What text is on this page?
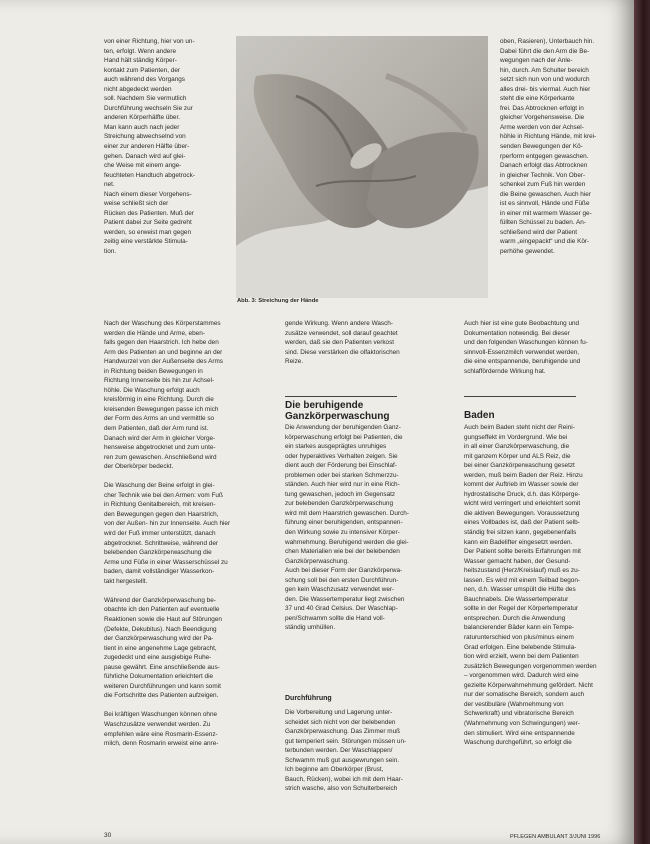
von einer Richtung, hier von un-
ten, erfolgt. Wenn andere
Hand hält ständig Körper-
kontakt zum Patienten, der
auch während des Vorgangs
nicht abgedeckt werden
soll. Nachdem Sie vermutlich
Durchführung wechseln Sie zur
anderen Körperhälfte über.
Man kann auch nach jeder
Streichung abwechselnd von
einer zur anderen Hälfte über-
gehen. Danach wird auf glei-
che Weise mit einem ange-
feuchteten Handtuch abgetrock-
net.
Nach einem dieser Vorgehens-
weise schließt sich der
Rücken des Patienten. Muß der
Patient dabei zur Seite gedreht
werden, so erweist man gegen
zeitig eine verstärkte Stimula-
tion.
Abb. 3: Streichung der Hände
oben, Rasieren), Unterbauch hin.
Dabei führt die den Arm die Be-
wegungen nach der Anle-
hin, durch. Am Schulter bereich
setzt sich nun von und wodurch
alles drei- bis viermal. Auch hier
steht die eine Körperkante
frei. Das Abtrocknen erfolgt in
gleicher Vorgehensweise. Die
Arme werden von der Achsel-
höhle in Richtung Hände, mit krei-
senden Bewegungen der Kö-
rperform entgegen gewaschen.
Danach erfolgt das Abtrocknen
in gleicher Technik. Von Ober-
schenkel zum Fuß hin werden
die Beine gewaschen. Auch hier
ist es sinnvoll, Hände und Füße
in einer mit warmem Wasser ge-
füllten Schüssel zu baden. An-
schließend wird der Patient
warm „eingepackt“ und die Kör-
perhöhe gewendet.
Nach der Waschung des Körperstammes
werden die Hände und Arme, eben-
falls gegen den Haarstrich. Ich hebe den
Arm des Patienten an und beginne an der
Handwurzel von der Außenseite des Arms
in Richtung beiden Bewegungen in
Richtung Innenseite bis hin zur Achsel-
höhle. Die Waschung erfolgt auch
kreisförmig in eine Richtung. Durch die
kreisenden Bewegungen passe ich mich
der Form des Arms an und vermittle so
dem Patienten, daß der Arm rund ist.
Danach wird der Arm in gleicher Vorge-
hensweise abgetrocknet und zum unte-
ren zum gewaschen. Anschließend wird
der Oberkörper bedeckt.

Die Waschung der Beine erfolgt in glei-
cher Technik wie bei den Armen: vom Fuß
in Richtung Genitalbereich, mit kreisen-
den Bewegungen gegen den Haarstrich,
von der Außen- hin zur Innenseite. Auch hier
wird der Fuß immer unterstützt, danach
abgetrocknet. Schrittweise, während der
belebenden Ganzkörperwaschung die
Arme und Füße in einer Wasserschüssel zu
baden, damit vollständiger Wasserkon-
takt hergestellt.

Während der Ganzkörperwaschung be-
obachte ich den Patienten auf eventuelle
Reaktionen sowie die Haut auf Störungen
(Defekte, Dekubitus). Nach Beendigung
der Ganzkörperwaschung wird der Pa-
tient in eine angenehme Lage gebracht,
zugedeckt und eine ausgiebige Ruhe-
pause gewährt. Eine anschließende aus-
führliche Dokumentation erleichtert die
weiteren Durchführungen und kann somit
die Fortschritte des Patienten aufzeigen.

Bei kräftigen Waschungen können ohne
Waschzusätze verwendet werden. Zu
empfehlen wäre eine Rosmarin-Essenz-
milch, denn Rosmarin erweist eine anre-
gende Wirkung. Wenn andere Wasch-
zusätze verwendet, soll darauf geachtet
werden, daß sie den Patienten verkost
sind. Diese verstärken die olfaktorischen
Reize.
Die beruhigende Ganzkörperwaschung
Die Anwendung der beruhigenden Ganz-
körperwaschung erfolgt bei Patienten, die
ein starkes ausgeprägtes unruhiges
oder hyperaktives Verhalten zeigen. Sie
dient auch der Förderung bei Einschlaf-
problemen oder bei starken Schmerzzu-
ständen. Auch hier wird nur in eine Rich-
tung gewaschen, jedoch im Gegensatz
zur belebenden Ganzkörperwaschung
wird mit dem Haarstrich gewaschen. Durch-
führung einer beruhigenden, entspannen-
den Wirkung sowie zu intensiver Körper-
wahrnehmung. Beruhigend werden die glei-
chen Materialien wie bei der belebenden
Ganzkörperwaschung.
Auch bei dieser Form der Ganzkörperwa-
schung soll bei den ersten Durchführun-
gen kein Waschzusatz verwendet wer-
den. Die Wassertemperatur liegt zwischen
37 und 40 Grad Celsius. Der Waschlap-
pen/Schwamm sollte die Hand voll-
ständig umhüllen.
Durchführung
Die Vorbereitung und Lagerung unter-
scheidet sich nicht von der belebenden
Ganzkörperwaschung. Das Zimmer muß
gut temperiert sein. Störungen müssen un-
terbunden werden. Der Waschlappen/
Schwamm muß gut ausgewrungen sein.
Ich beginne am Oberkörper (Brust,
Bauch, Rücken), wobei ich mit dem Haar-
strich wasche, also von Schulterbereich
Auch hier ist eine gute Beobachtung und
Dokumentation notwendig. Bei dieser
und den folgenden Waschungen können fu-
sinnvoll-Essenzmilch verwendet werden,
die eine entspannende, beruhigende und
schlaffördernde Wirkung hat.
Baden
Auch beim Baden steht nicht der Reini-
gungseffekt im Vordergrund. Wie bei
in all einer Ganzkörperwaschung, die
mit ganzem Körper und ALS Reiz, die
bei einer Ganzkörperwaschung gesetzt
werden, muß beim Baden der Reiz. Hinzu
kommt der Auftrieb im Wasser sowie der
hydrostatische Druck, d.h. das Körperge-
wicht wird verringert und erleichtert somit
die aktiven Bewegungen. Voraussetzung
eines Vollbades ist, daß der Patient selb-
ständig frei sitzen kann, gegebenenfalls
kann ein Badelifter eingesetzt werden.
Der Patient sollte bereits Erfahrungen mit
Wasser gemacht haben, der Gesund-
heitszustand (Herz/Kreislauf) muß es zu-
lassen. Es wird mit einem Teilbad begon-
nen, d.h. Wasser umspült die Hüfte des
Bauchnabels. Die Wassertemperatur
sollte in der Regel der Körpertemperatur
entsprechen. Durch die Anwendung
balancierender Bäder kann ein Tempe-
raturunterschied von plus/minus einem
Grad erfolgen. Eine belebende Stimula-
tion wird erzielt, wenn bei dem Patienten
zusätzlich Bewegungen vorgenommen werden
– vorgenommen wird. Dadurch wird eine
gezielte Körperwahrnehmung gefördert. Nicht
nur der somatische Bereich, sondern auch
der vestibuläre (Wahrnehmung von
Schwerkraft) und vibratorische Bereich
(Wahrnehmung von Schwingungen) wer-
den stimuliert. Wird eine entspannende
Waschung durchgeführt, so erfolgt die
30	PFLEGEN AMBULANT 3/JUNI 1996
